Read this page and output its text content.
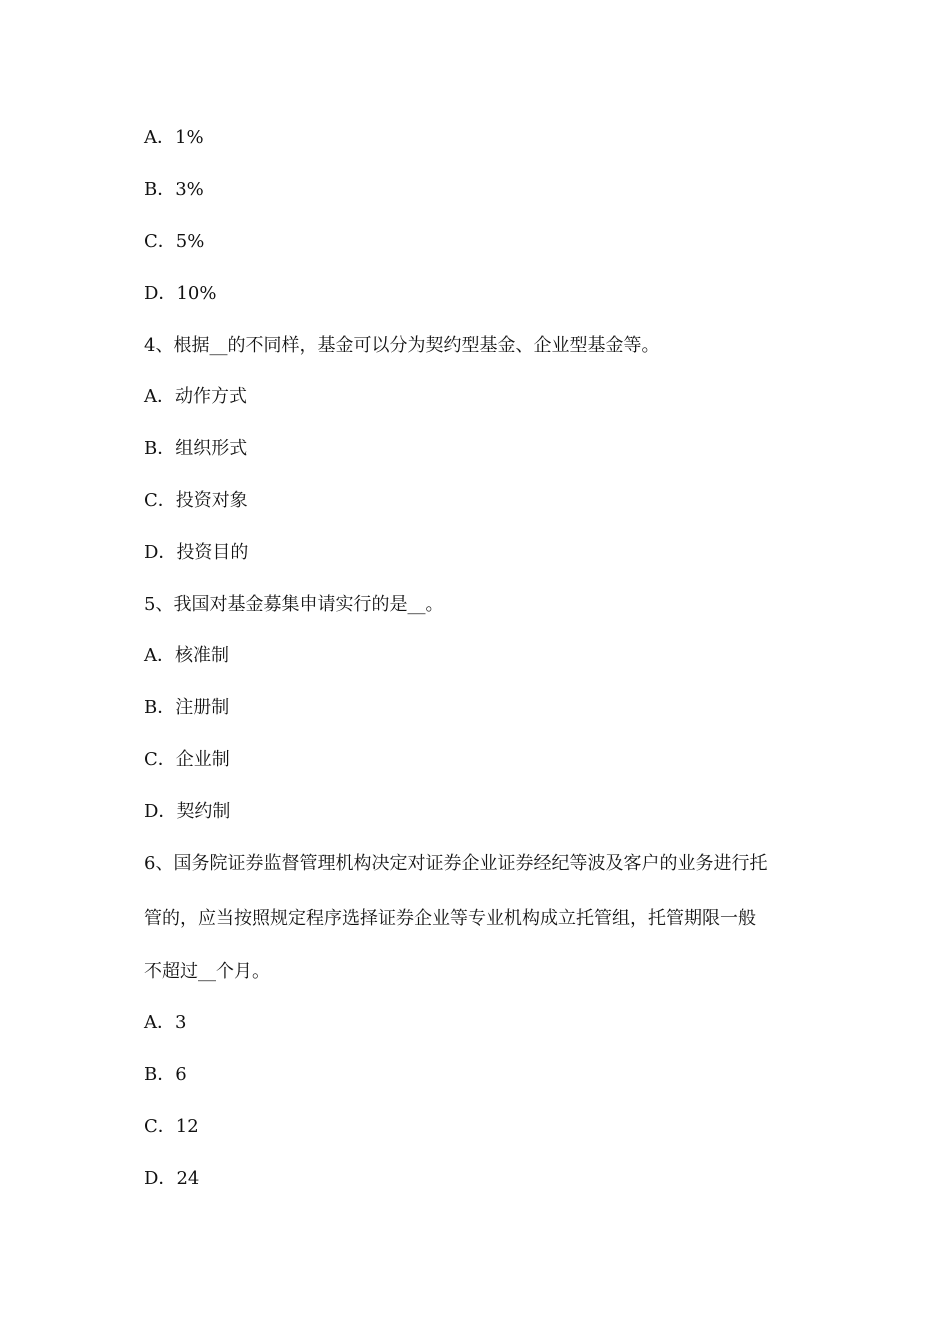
A．1%
B．3%
C．5%
D．10%
4、根据__的不同样，基金可以分为契约型基金、企业型基金等。
A．动作方式
B．组织形式
C．投资对象
D．投资目的
5、我国对基金募集申请实行的是__。
A．核准制
B．注册制
C．企业制
D．契约制
6、国务院证券监督管理机构决定对证券企业证券经纪等波及客户的业务进行托
管的，应当按照规定程序选择证券企业等专业机构成立托管组，托管期限一般
不超过__个月。
A．3
B．6
C．12
D．24
